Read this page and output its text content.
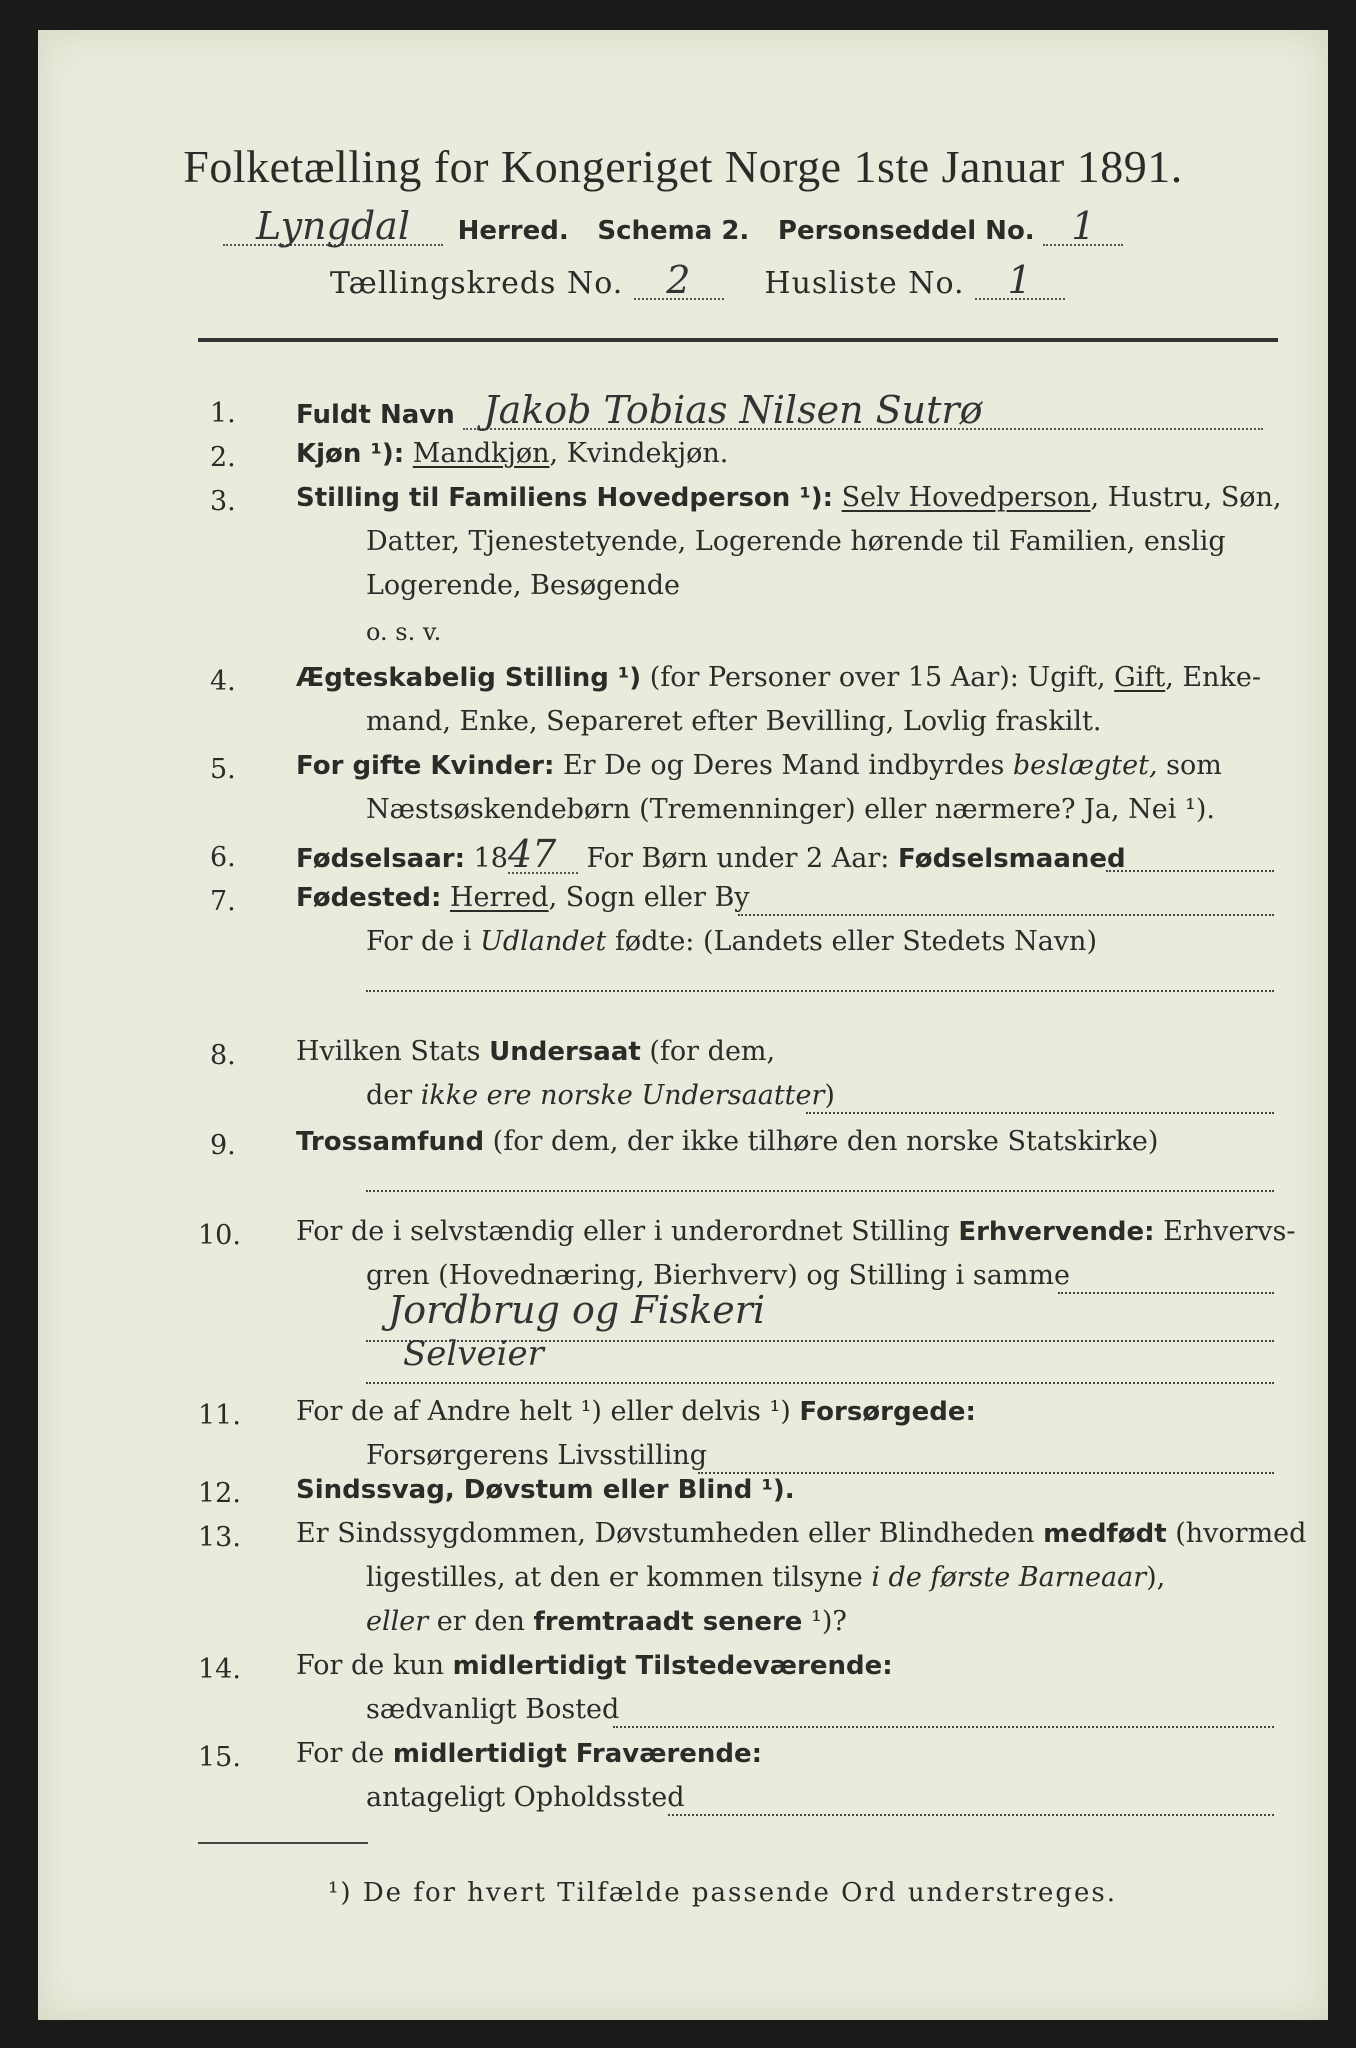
Folketælling for Kongeriget Norge 1ste Januar 1891.
Lyngdal Herred. Schema 2. Personseddel No. 1
Tællingskreds No. 2 Husliste No. 1
1. Fuldt Navn Jakob Tobias Nilsen Sutrø
2. Kjøn ¹): Mandkjøn, Kvindekjøn.
3. Stilling til Familiens Hovedperson ¹): Selv Hovedperson, Hustru, Søn,
Datter, Tjenestetyende, Logerende hørende til Familien, enslig
Logerende, Besøgende
o. s. v.
4. Ægteskabelig Stilling ¹) (for Personer over 15 Aar): Ugift, Gift, Enke-
mand, Enke, Separeret efter Bevilling, Lovlig fraskilt.
5. For gifte Kvinder: Er De og Deres Mand indbyrdes beslægtet, som
Næstsøskendebørn (Tremenninger) eller nærmere? Ja, Nei ¹).
6. Fødselsaar: 1847 For Børn under 2 Aar: Fødselsmaaned
7. Fødested: Herred, Sogn eller By
For de i Udlandet fødte: (Landets eller Stedets Navn)
8. Hvilken Stats Undersaat (for dem,
der ikke ere norske Undersaatter)
9. Trossamfund (for dem, der ikke tilhøre den norske Statskirke)
10. For de i selvstændig eller i underordnet Stilling Erhvervende: Erhvervs-
gren (Hovednæring, Bierhverv) og Stilling i samme
Jordbrug og Fiskeri
Selveier
11. For de af Andre helt ¹) eller delvis ¹) Forsørgede:
Forsørgerens Livsstilling
12. Sindssvag, Døvstum eller Blind ¹).
13. Er Sindssygdommen, Døvstumheden eller Blindheden medfødt (hvormed
ligestilles, at den er kommen tilsyne i de første Barneaar),
eller er den fremtraadt senere ¹)?
14. For de kun midlertidigt Tilstedeværende:
sædvanligt Bosted
15. For de midlertidigt Fraværende:
antageligt Opholdssted
¹) De for hvert Tilfælde passende Ord understreges.
